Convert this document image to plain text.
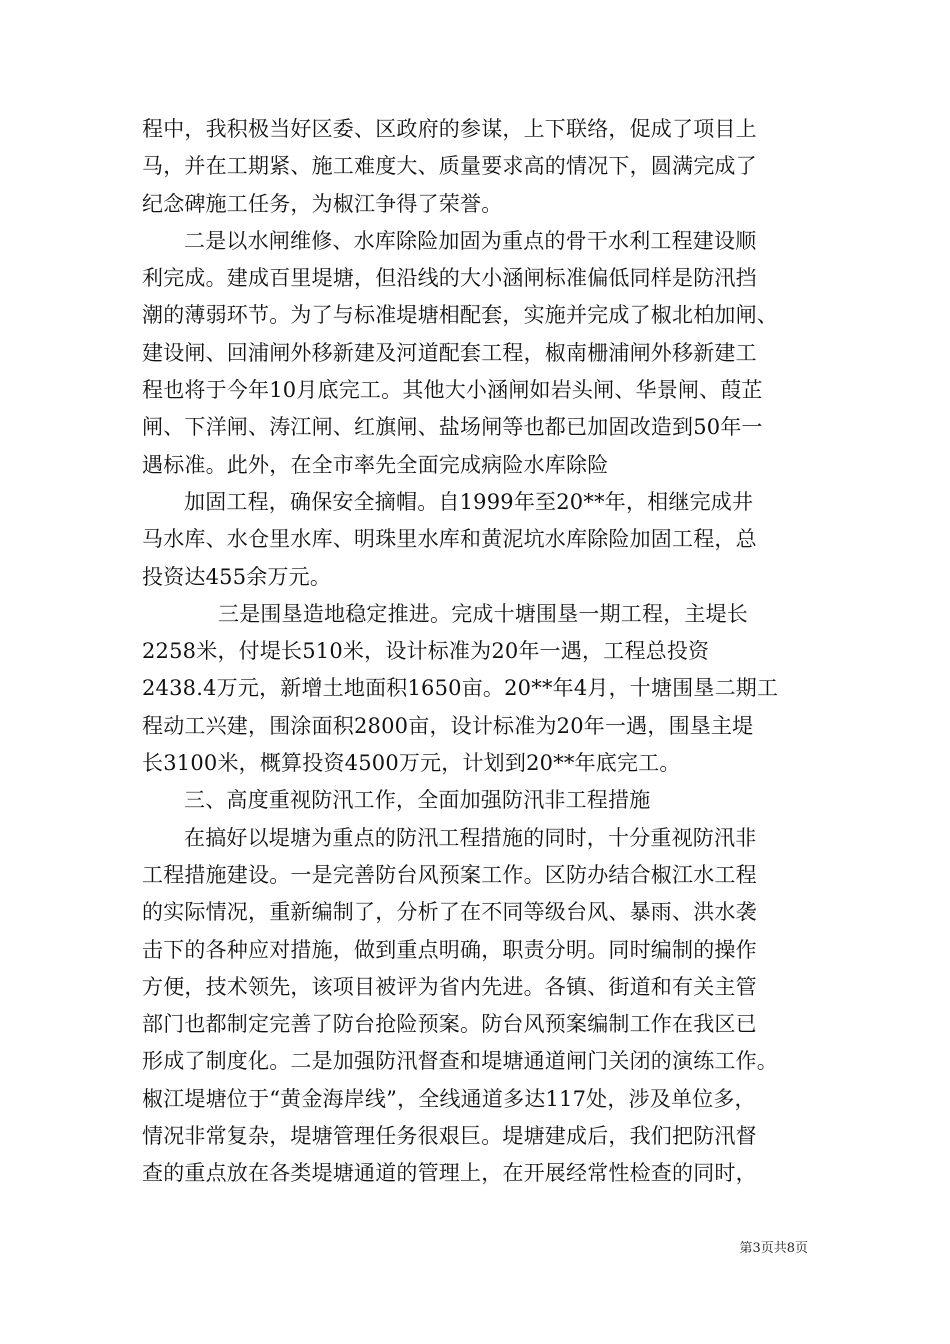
程中，我积极当好区委、区政府的参谋，上下联络，促成了项目上
马，并在工期紧、施工难度大、质量要求高的情况下，圆满完成了
纪念碑施工任务，为椒江争得了荣誉。
二是以水闸维修、水库除险加固为重点的骨干水利工程建设顺
利完成。建成百里堤塘，但沿线的大小涵闸标准偏低同样是防汛挡
潮的薄弱环节。为了与标准堤塘相配套，实施并完成了椒北柏加闸、
建设闸、回浦闸外移新建及河道配套工程，椒南栅浦闸外移新建工
程也将于今年10月底完工。其他大小涵闸如岩头闸、华景闸、葭芷
闸、下洋闸、涛江闸、红旗闸、盐场闸等也都已加固改造到50年一
遇标准。此外，在全市率先全面完成病险水库除险
加固工程，确保安全摘帽。自1999年至20**年，相继完成井
马水库、水仓里水库、明珠里水库和黄泥坑水库除险加固工程，总
投资达455余万元。
三是围垦造地稳定推进。完成十塘围垦一期工程，主堤长
2258米，付堤长510米，设计标准为20年一遇，工程总投资
2438.4万元，新增土地面积1650亩。20**年4月，十塘围垦二期工
程动工兴建，围涂面积2800亩，设计标准为20年一遇，围垦主堤
长3100米，概算投资4500万元，计划到20**年底完工。
三、高度重视防汛工作，全面加强防汛非工程措施
在搞好以堤塘为重点的防汛工程措施的同时，十分重视防汛非
工程措施建设。一是完善防台风预案工作。区防办结合椒江水工程
的实际情况，重新编制了，分析了在不同等级台风、暴雨、洪水袭
击下的各种应对措施，做到重点明确，职责分明。同时编制的操作
方便，技术领先，该项目被评为省内先进。各镇、街道和有关主管
部门也都制定完善了防台抢险预案。防台风预案编制工作在我区已
形成了制度化。二是加强防汛督查和堤塘通道闸门关闭的演练工作。
椒江堤塘位于“黄金海岸线”，全线通道多达117处，涉及单位多，
情况非常复杂，堤塘管理任务很艰巨。堤塘建成后，我们把防汛督
查的重点放在各类堤塘通道的管理上，在开展经常性检查的同时，
第3页共8页
